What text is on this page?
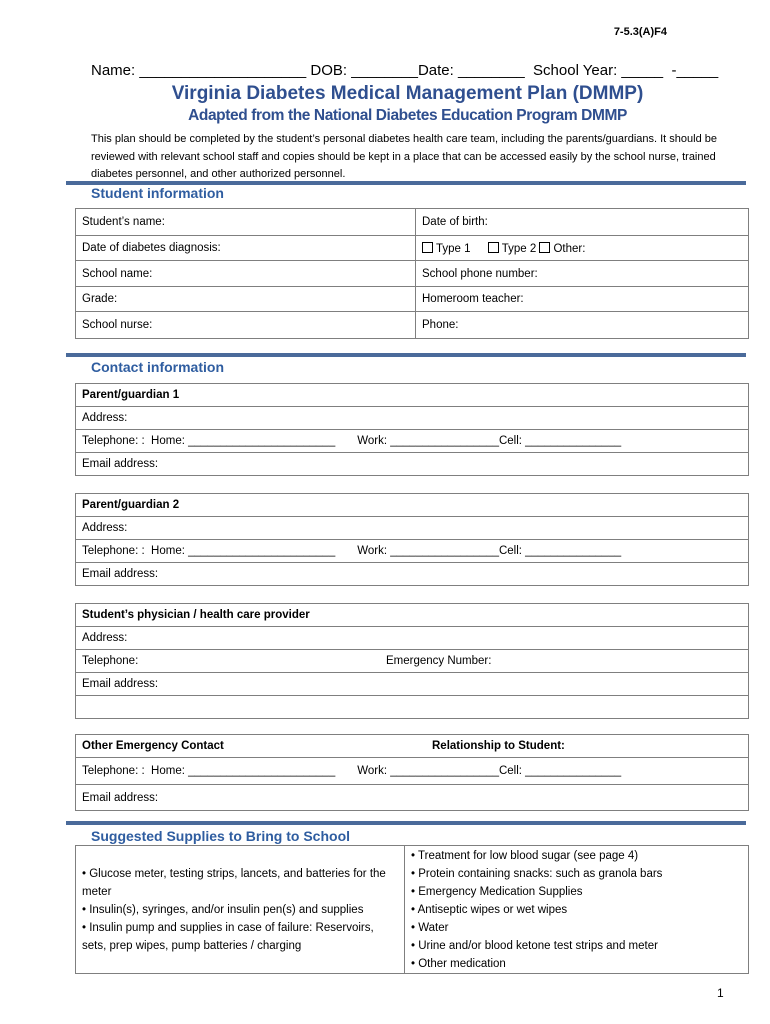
7-5.3(A)F4
Name: ____________________ DOB: ________Date: ________  School Year: _____  -_____
Virginia Diabetes Medical Management Plan (DMMP)
Adapted from the National Diabetes Education Program DMMP
This plan should be completed by the student’s personal diabetes health care team, including the parents/guardians. It should be reviewed with relevant school staff and copies should be kept in a place that can be accessed easily by the school nurse, trained diabetes personnel, and other authorized personnel.
Student information
Student’s name:	Date of birth:
Date of diabetes diagnosis:	Type 1 Type 2 Other:
School name:	School phone number:
Grade:	Homeroom teacher:
School nurse:	Phone:
Contact information
Parent/guardian 1
Address:
Telephone: :  Home: _______________________ Work: _________________Cell: _______________
Email address:
Parent/guardian 2
Address:
Telephone: :  Home: _______________________ Work: _________________Cell: _______________
Email address:
Student’s physician / health care provider
Address:
Telephone:	Emergency Number:
Email address:

Other Emergency Contact	Relationship to Student:
Telephone: :  Home: _______________________ Work: _________________Cell: _______________
Email address:
Suggested Supplies to Bring to School
• Glucose meter, testing strips, lancets, and batteries for the meter
• Insulin(s), syringes, and/or insulin pen(s) and supplies
• Insulin pump and supplies in case of failure: Reservoirs, sets, prep wipes, pump batteries / charging

• Treatment for low blood sugar (see page 4)
• Protein containing snacks: such as granola bars
• Emergency Medication Supplies
• Antiseptic wipes or wet wipes
• Water
• Urine and/or blood ketone test strips and meter
• Other medication
1
